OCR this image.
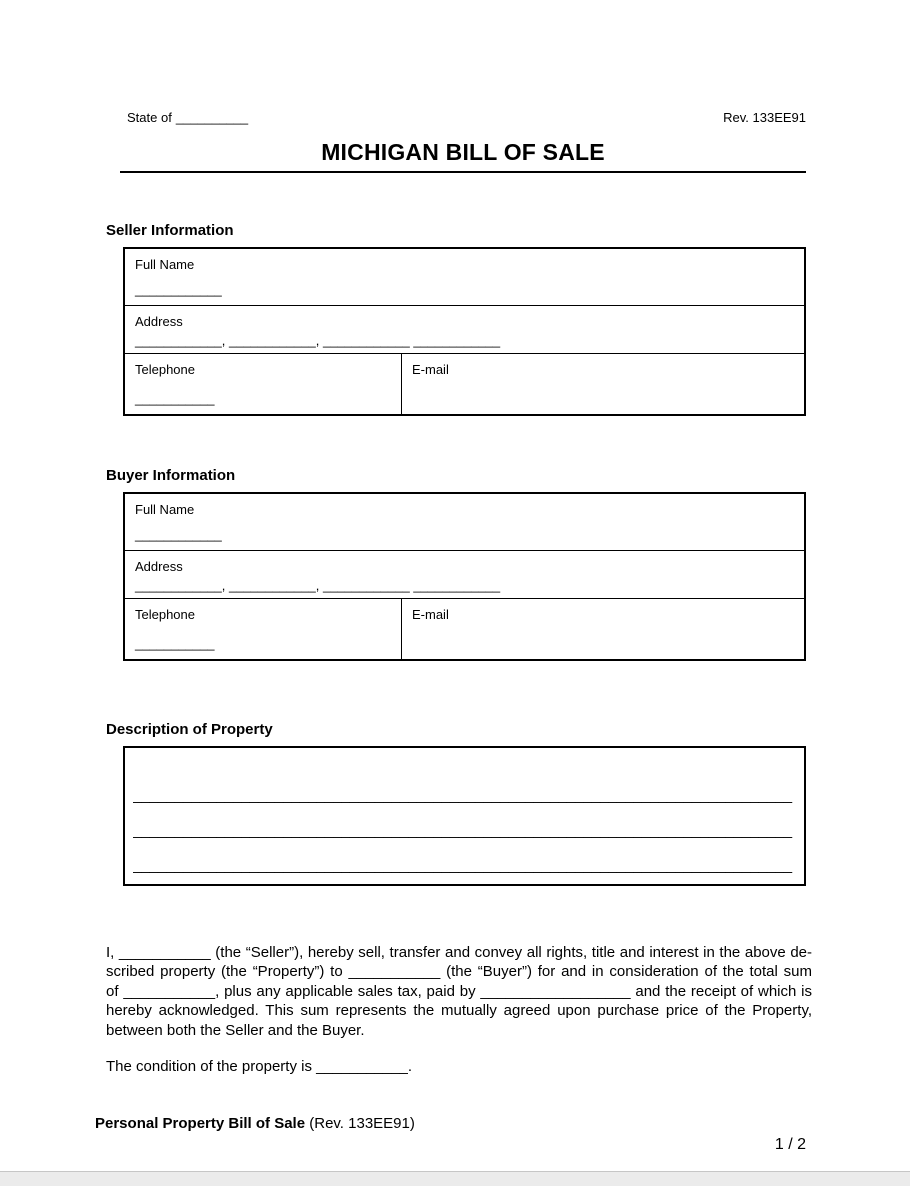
State of __________	Rev. 133EE91
MICHIGAN BILL OF SALE
Seller Information
Full Name
____________
Address
____________, ____________, ____________ ____________
Telephone
___________
E-mail
Buyer Information
Full Name
____________
Address
____________, ____________, ____________ ____________
Telephone
___________
E-mail
Description of Property
_______________________________________________________________________________
_______________________________________________________________________________
_______________________________________________________________________________
I, ___________ (the “Seller”), hereby sell, transfer and convey all rights, title and interest in the above de-
scribed property (the “Property”) to ___________ (the “Buyer”) for and in consideration of the total sum
of ___________, plus any applicable sales tax, paid by __________________ and the receipt of which is
hereby acknowledged. This sum represents the mutually agreed upon purchase price of the Property,
between both the Seller and the Buyer.
The condition of the property is ___________.
Personal Property Bill of Sale (Rev. 133EE91)
1 / 2
